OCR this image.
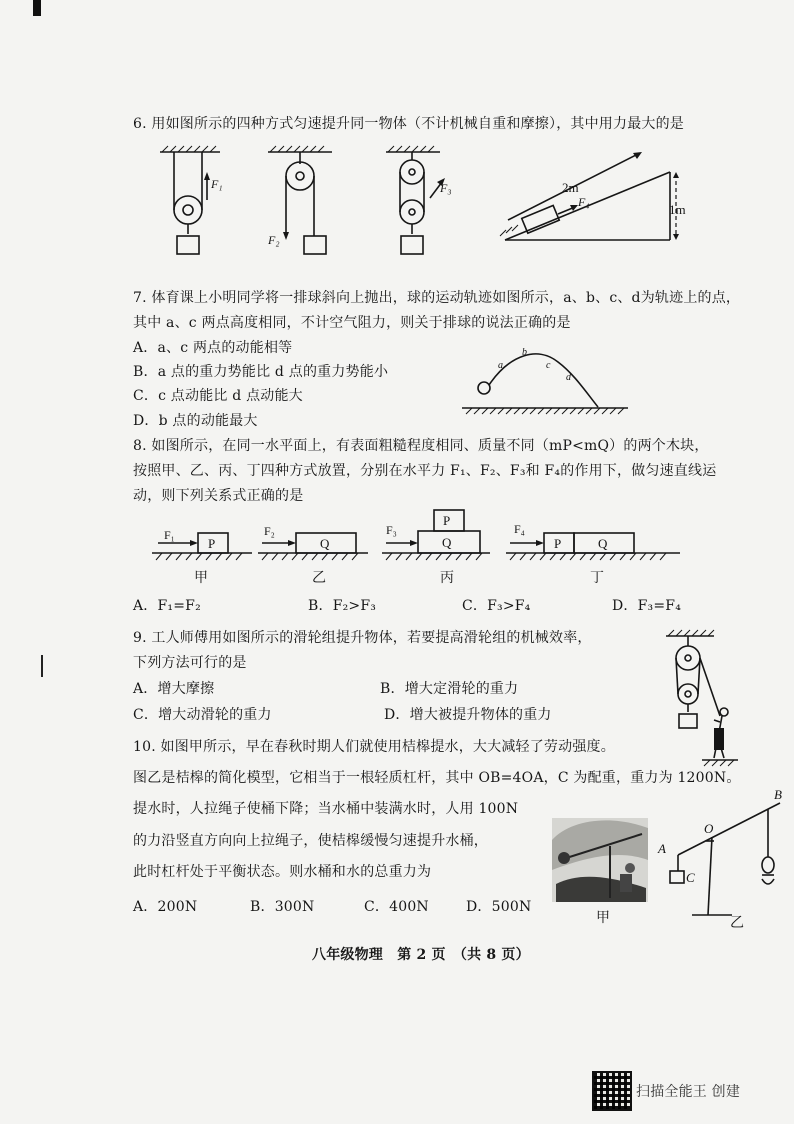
6. 用如图所示的四种方式匀速提升同一物体（不计机械自重和摩擦），其中用力最大的是
F₁
F₂
F₃
F₄
2m
1m
7. 体育课上小明同学将一排球斜向上抛出，球的运动轨迹如图所示，a、b、c、d为轨迹上的点，
其中 a、c 两点高度相同，不计空气阻力，则关于排球的说法正确的是
A．a、c 两点的动能相等
B．a 点的重力势能比 d 点的重力势能小
C．c 点动能比 d 点动能大
D．b 点的动能最大
a
b
c
d
8. 如图所示，在同一水平面上，有表面粗糙程度相同、质量不同（mP<mQ）的两个木块，
按照甲、乙、丙、丁四种方式放置，分别在水平力 F₁、F₂、F₃和 F₄的作用下，做匀速直线运
动，则下列关系式正确的是
P
F₁
甲
Q
F₂
乙
P
Q
F₃
丙
P	Q
F₄
丁
A．F₁=F₂	B．F₂>F₃	C．F₃>F₄	D．F₃=F₄
9. 工人师傅用如图所示的滑轮组提升物体，若要提高滑轮组的机械效率，
下列方法可行的是
A．增大摩擦	B．增大定滑轮的重力
C．增大动滑轮的重力	D．增大被提升物体的重力
10. 如图甲所示，早在春秋时期人们就使用桔槔提水，大大减轻了劳动强度。
图乙是桔槔的简化模型，它相当于一根轻质杠杆，其中 OB=4OA，C 为配重，重力为 1200N。
提水时，人拉绳子使桶下降；当水桶中装满水时，人用 100N
的力沿竖直方向向上拉绳子，使桔槔缓慢匀速提升水桶，
此时杠杆处于平衡状态。则水桶和水的总重力为
A．200N	B．300N	C．400N	D．500N
甲
A
B
C
O
乙
八年级物理　第 2 页　（共 8 页）
扫描全能王 创建
